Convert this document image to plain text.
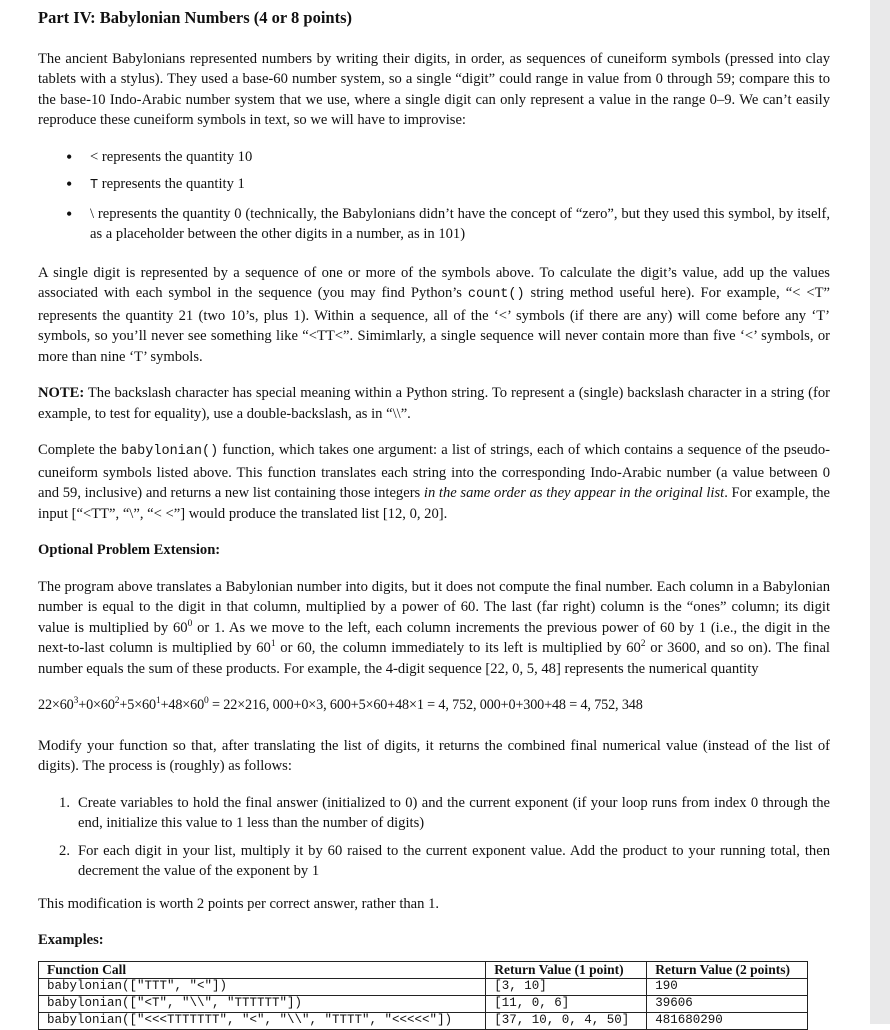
Part IV: Babylonian Numbers (4 or 8 points)

The ancient Babylonians represented numbers by writing their digits, in order, as sequences of cuneiform symbols (pressed into clay tablets with a stylus). They used a base-60 number system, so a single “digit” could range in value from 0 through 59; compare this to the base-10 Indo-Arabic number system that we use, where a single digit can only represent a value in the range 0–9. We can’t easily reproduce these cuneiform symbols in text, so we will have to improvise:

• < represents the quantity 10
• T represents the quantity 1
• \ represents the quantity 0 (technically, the Babylonians didn’t have the concept of “zero”, but they used this symbol, by itself, as a placeholder between the other digits in a number, as in 101)

A single digit is represented by a sequence of one or more of the symbols above. To calculate the digit’s value, add up the values associated with each symbol in the sequence (you may find Python’s count() string method useful here). For example, “< <T” represents the quantity 21 (two 10’s, plus 1). Within a sequence, all of the ‘<’ symbols (if there are any) will come before any ‘T’ symbols, so you’ll never see something like “<TT<”. Simimlarly, a single sequence will never contain more than five ‘<’ symbols, or more than nine ‘T’ symbols.

NOTE: The backslash character has special meaning within a Python string. To represent a (single) backslash character in a string (for example, to test for equality), use a double-backslash, as in “\\”.

Complete the babylonian() function, which takes one argument: a list of strings, each of which contains a sequence of the pseudo-cuneiform symbols listed above. This function translates each string into the corresponding Indo-Arabic number (a value between 0 and 59, inclusive) and returns a new list containing those integers in the same order as they appear in the original list. For example, the input [“<TT”, “\”, “< <”] would produce the translated list [12, 0, 20].

Optional Problem Extension:

The program above translates a Babylonian number into digits, but it does not compute the final number. Each column in a Babylonian number is equal to the digit in that column, multiplied by a power of 60. The last (far right) column is the “ones” column; its digit value is multiplied by $60^0$ or 1. As we move to the left, each column increments the previous power of 60 by 1 (i.e., the digit in the next-to-last column is multiplied by $60^1$ or 60, the column immediately to its left is multiplied by $60^2$ or 3600, and so on). The final number equals the sum of these products. For example, the 4-digit sequence [22, 0, 5, 48] represents the numerical quantity

$22\times 60^3+0\times 60^2+5\times 60^1+48\times 60^0 = 22\times 216$, 000+0×3, 600+5×60+48×1 = 4, 752, 000+0+300+48 = 4, 752, 348

Modify your function so that, after translating the list of digits, it returns the combined final numerical value (instead of the list of digits). The process is (roughly) as follows:

1. Create variables to hold the final answer (initialized to 0) and the current exponent (if your loop runs from index 0 through the end, initialize this value to 1 less than the number of digits)
2. For each digit in your list, multiply it by 60 raised to the current exponent value. Add the product to your running total, then decrement the value of the exponent by 1

This modification is worth 2 points per correct answer, rather than 1.

Examples:
Function Call	Return Value (1 point)	Return Value (2 points)
babylonian(["TTT", "<"])	[3, 10]	190
babylonian(["<T", "\\", "TTTTTT"])	[11, 0, 6]	39606
babylonian(["<<<TTTTTTT", "<", "\\", "TTTT", "<<<<<"])	[37, 10, 0, 4, 50]	481680290
